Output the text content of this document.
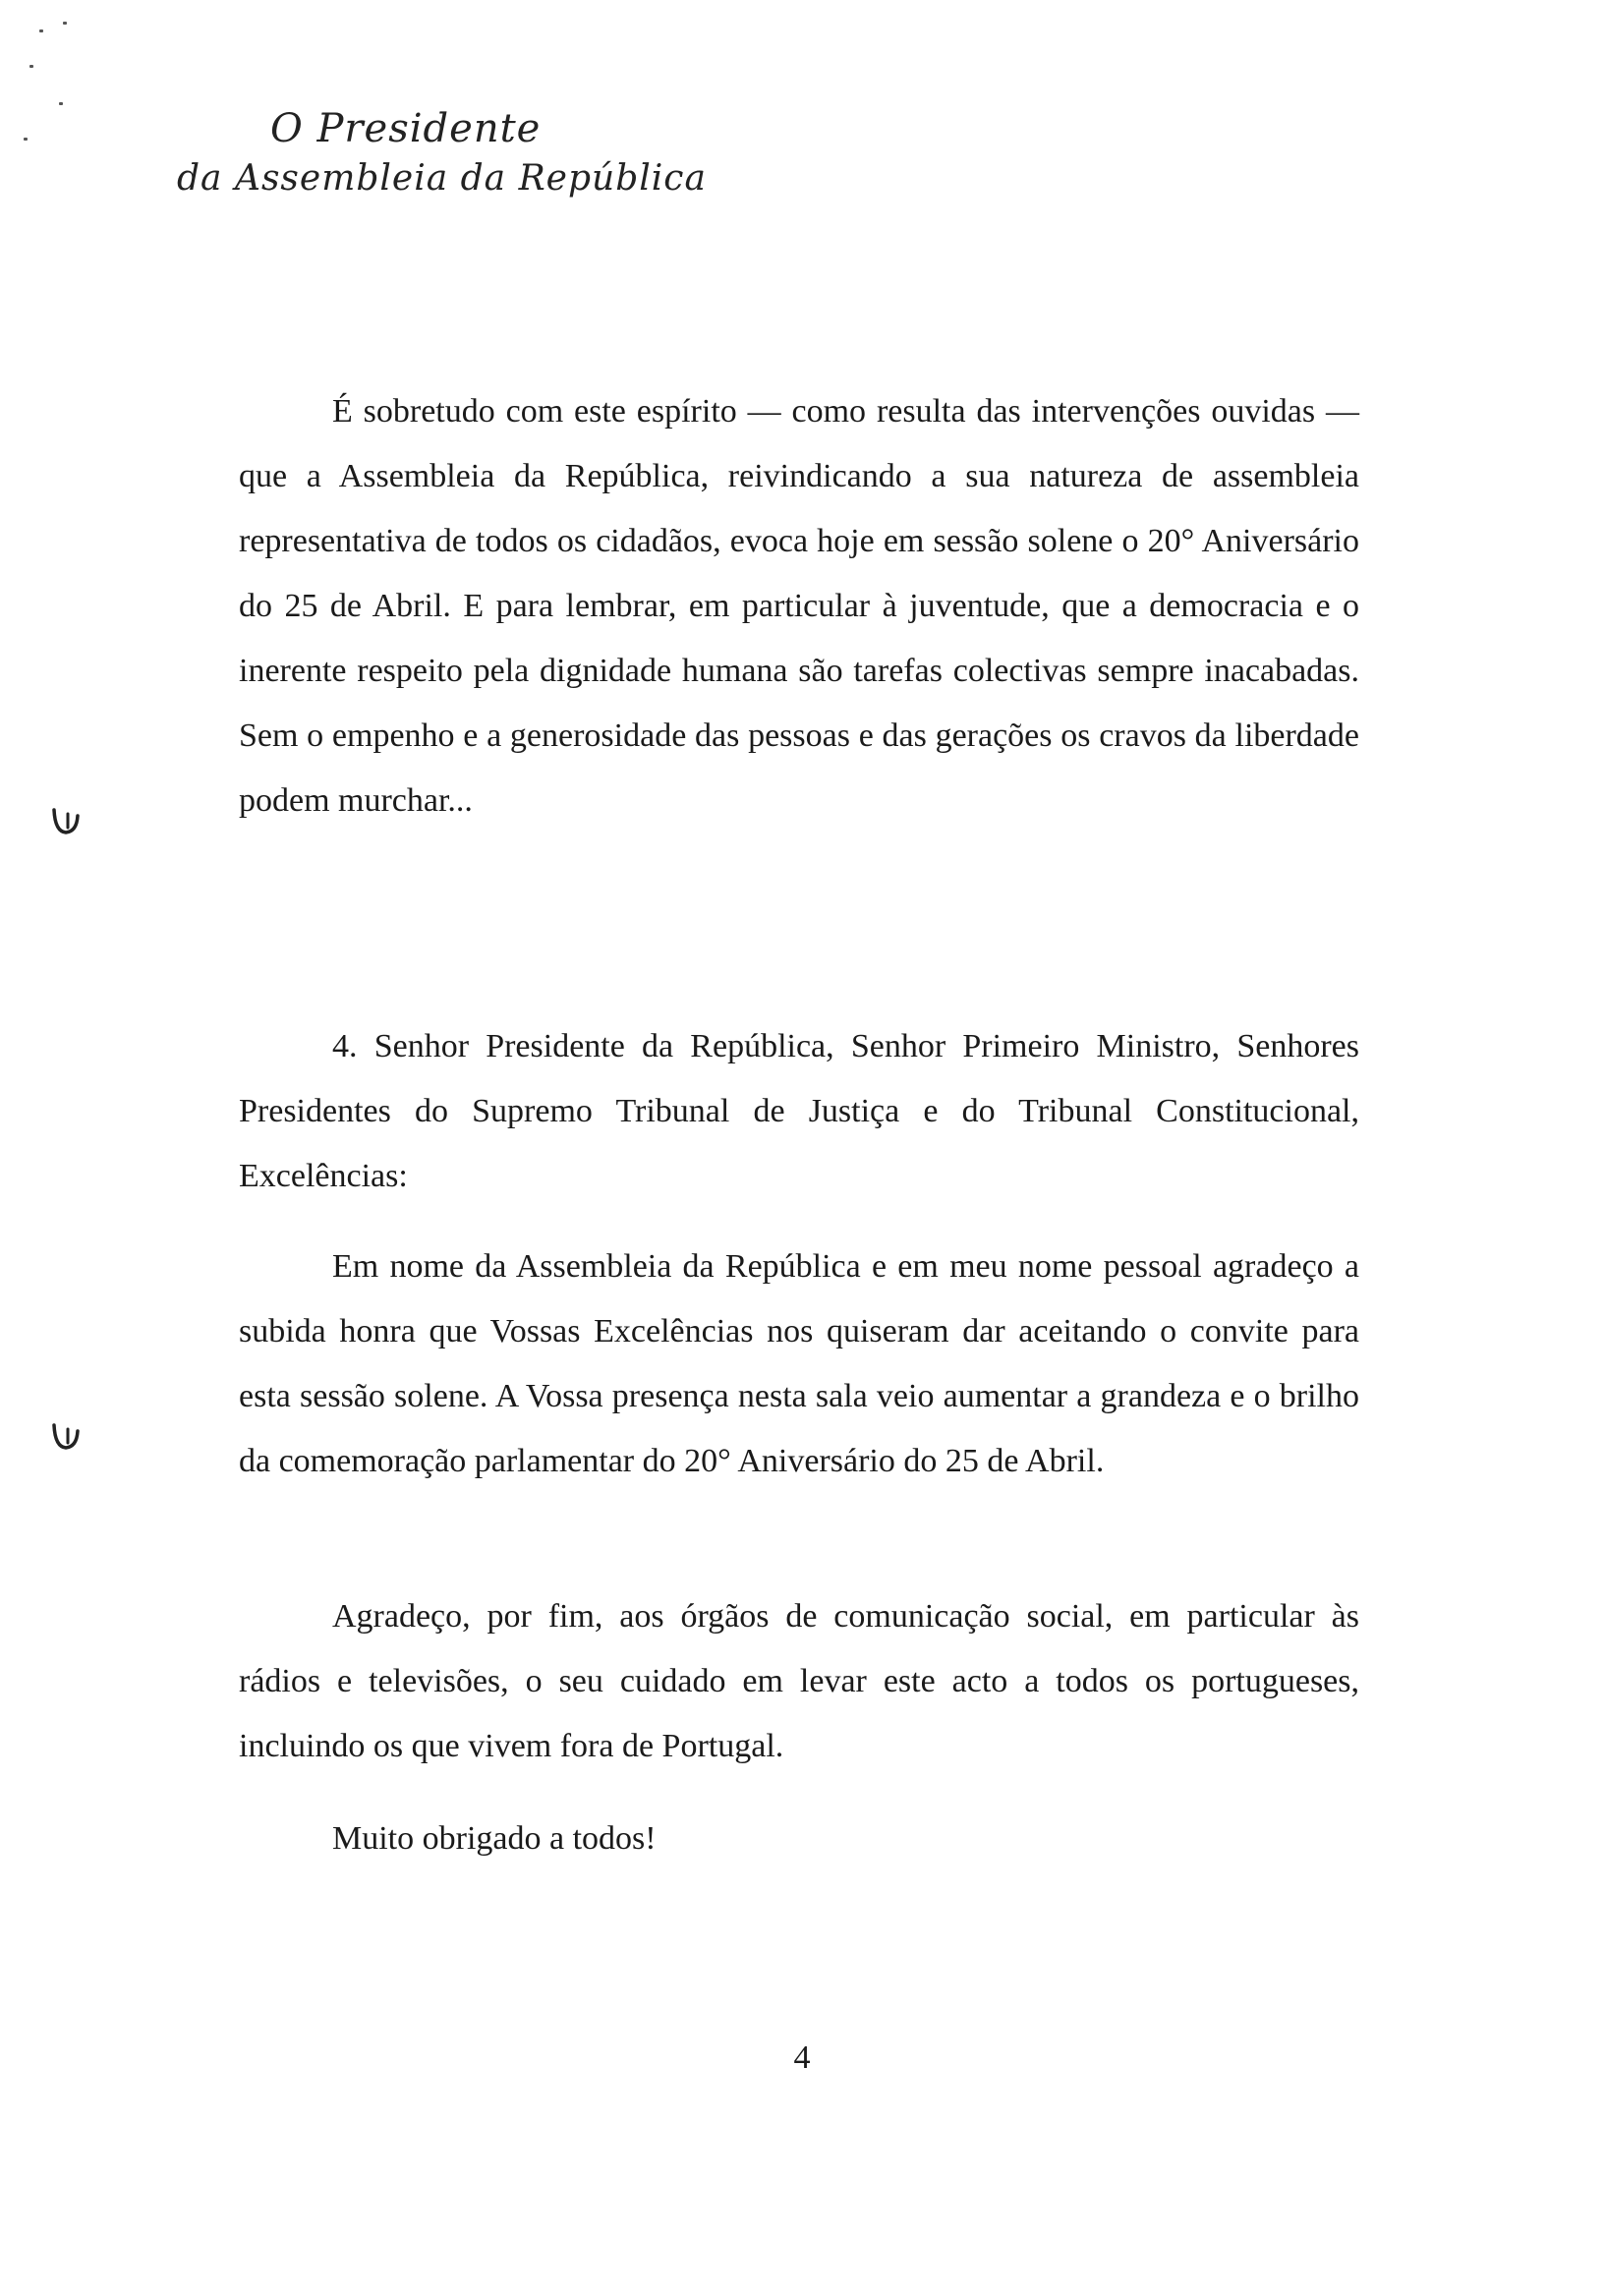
O Presidente
da Assembleia da República

É sobretudo com este espírito — como resulta das intervenções ouvidas — que a Assembleia da República, reivindicando a sua natureza de assembleia representativa de todos os cidadãos, evoca hoje em sessão solene o 20° Aniversário do 25 de Abril. E para lembrar, em particular à juventude, que a democracia e o inerente respeito pela dignidade humana são tarefas colectivas sempre inacabadas. Sem o empenho e a generosidade das pessoas e das gerações os cravos da liberdade podem murchar...

4. Senhor Presidente da República, Senhor Primeiro Ministro, Senhores Presidentes do Supremo Tribunal de Justiça e do Tribunal Constitucional, Excelências:

Em nome da Assembleia da República e em meu nome pessoal agradeço a subida honra que Vossas Excelências nos quiseram dar aceitando o convite para esta sessão solene. A Vossa presença nesta sala veio aumentar a grandeza e o brilho da comemoração parlamentar do 20° Aniversário do 25 de Abril.

Agradeço, por fim, aos órgãos de comunicação social, em particular às rádios e televisões, o seu cuidado em levar este acto a todos os portugueses, incluindo os que vivem fora de Portugal.

Muito obrigado a todos!

4
